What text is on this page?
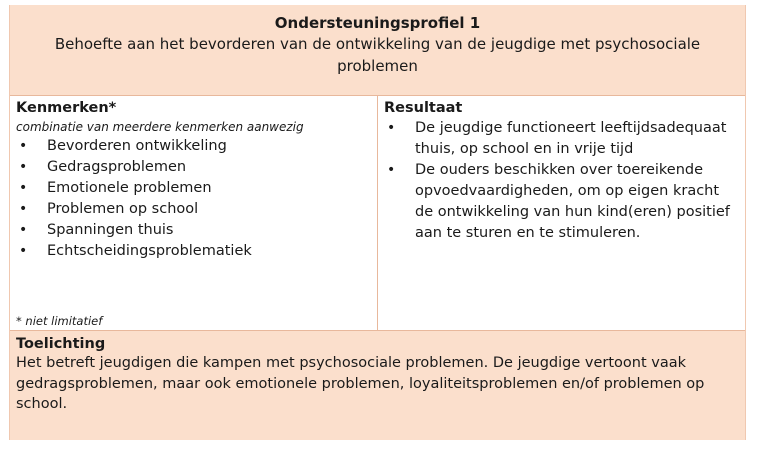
Ondersteuningsprofiel 1
Behoefte aan het bevorderen van de ontwikkeling van de jeugdige met psychosociale problemen
Kenmerken*
combinatie van meerdere kenmerken aanwezig
• Bevorderen ontwikkeling
• Gedragsproblemen
• Emotionele problemen
• Problemen op school
• Spanningen thuis
• Echtscheidingsproblematiek
* niet limitatief
Resultaat
• De jeugdige functioneert leeftijdsadequaat thuis, op school en in vrije tijd
• De ouders beschikken over toereikende opvoedvaardigheden, om op eigen kracht de ontwikkeling van hun kind(eren) positief aan te sturen en te stimuleren.
Toelichting
Het betreft jeugdigen die kampen met psychosociale problemen. De jeugdige vertoont vaak gedragsproblemen, maar ook emotionele problemen, loyaliteitsproblemen en/of problemen op school.
